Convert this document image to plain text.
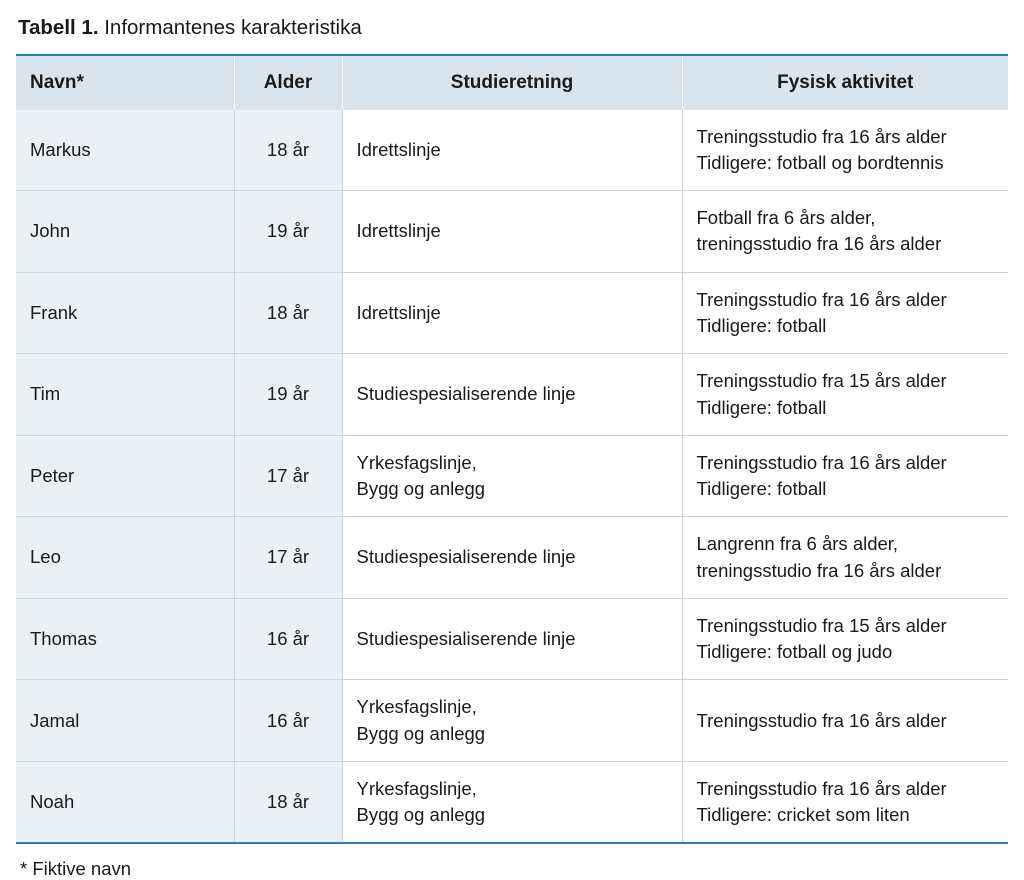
Tabell 1. Informantenes karakteristika
Navn*	Alder	Studieretning	Fysisk aktivitet
Markus	18 år	Idrettslinje	Treningsstudio fra 16 års alder
Tidligere: fotball og bordtennis

John	19 år	Idrettslinje	Fotball fra 6 års alder,
treningsstudio fra 16 års alder

Frank	18 år	Idrettslinje	Treningsstudio fra 16 års alder
Tidligere: fotball

Tim	19 år	Studiespesialiserende linje	Treningsstudio fra 15 års alder
Tidligere: fotball

Peter	17 år	Yrkesfagslinje,
Bygg og anlegg	Treningsstudio fra 16 års alder
Tidligere: fotball

Leo	17 år	Studiespesialiserende linje	Langrenn fra 6 års alder,
treningsstudio fra 16 års alder

Thomas	16 år	Studiespesialiserende linje	Treningsstudio fra 15 års alder
Tidligere: fotball og judo

Jamal	16 år	Yrkesfagslinje,
Bygg og anlegg	Treningsstudio fra 16 års alder

Noah	18 år	Yrkesfagslinje,
Bygg og anlegg	Treningsstudio fra 16 års alder
Tidligere: cricket som liten
* Fiktive navn
